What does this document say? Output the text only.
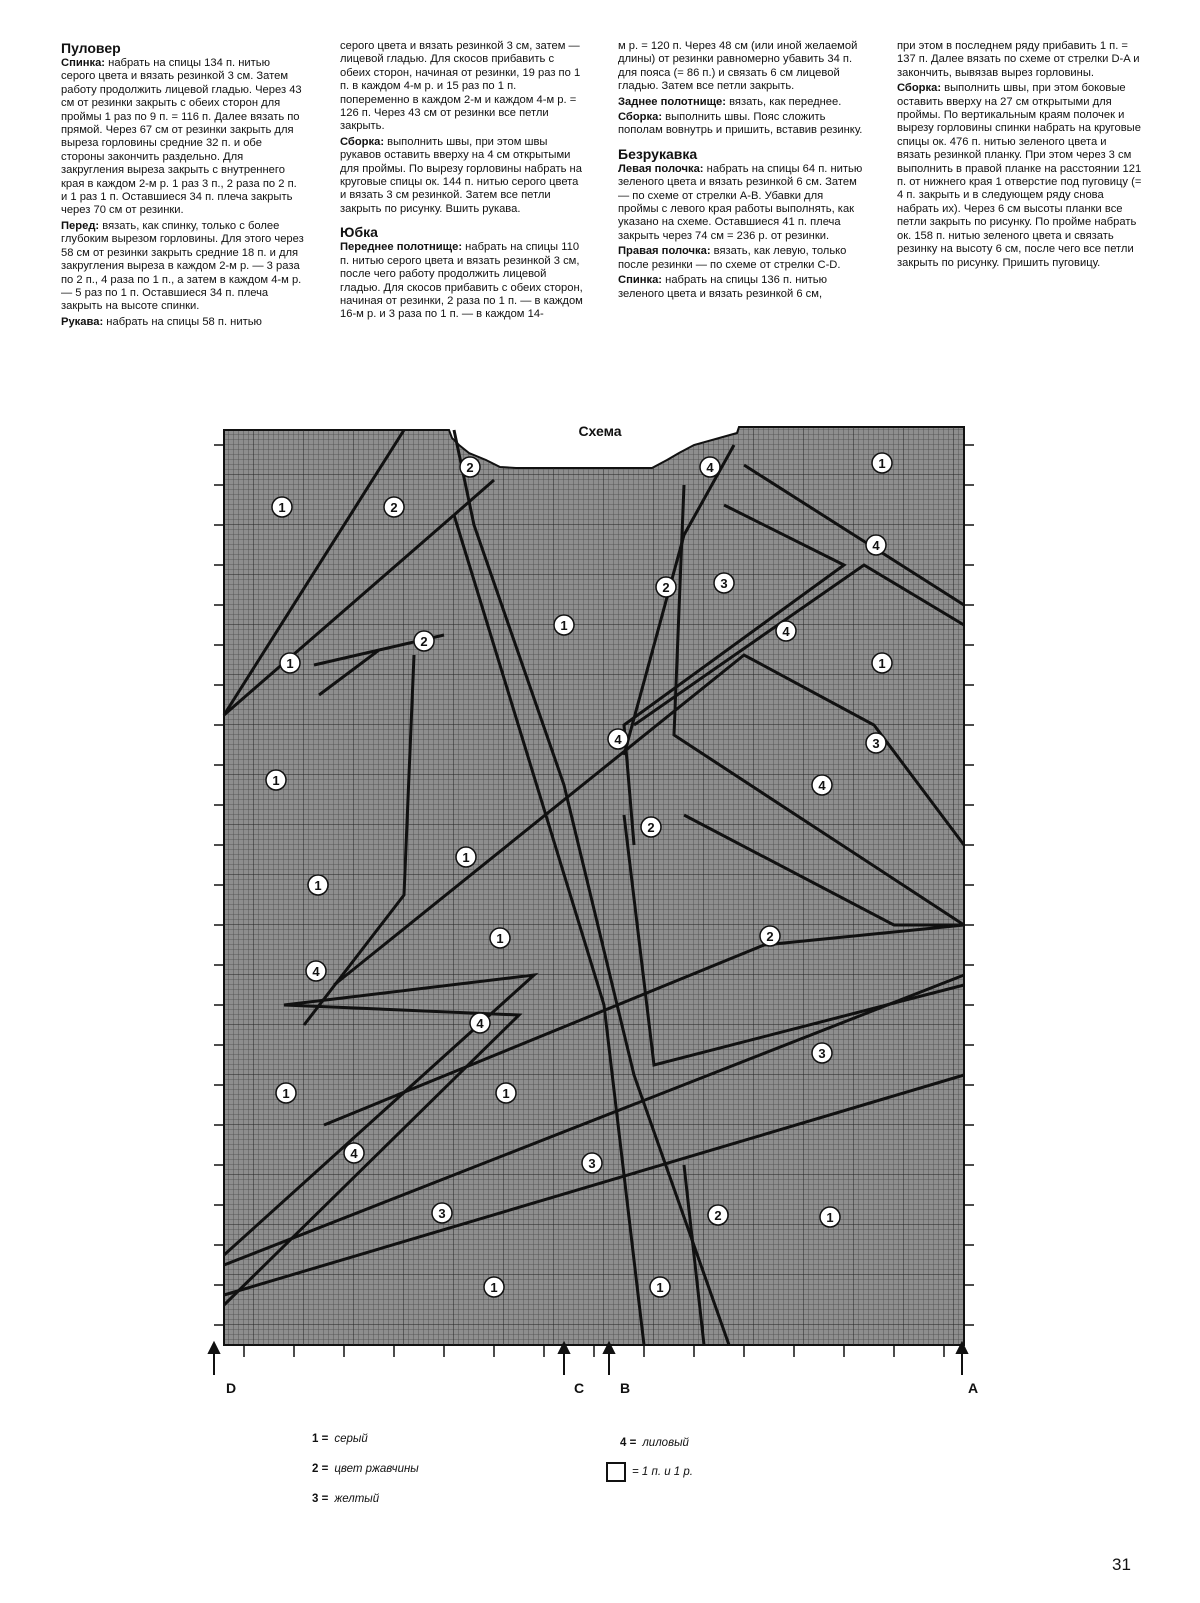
Пуловер

Спинка: набрать на спицы 134 п. нитью серого цвета и вязать резинкой 3 см. Затем работу продолжить лицевой гладью. Через 43 см от резинки закрыть с обеих сторон для проймы 1 раз по 9 п. = 116 п. Далее вязать по прямой. Через 67 см от резинки закрыть для выреза горловины средние 32 п. и обе стороны закончить раздельно. Для закругления выреза закрыть с внутреннего края в каждом 2-м р. 1 раз 3 п., 2 раза по 2 п. и 1 раз 1 п. Оставшиеся 34 п. плеча закрыть через 70 см от резинки.

Перед: вязать, как спинку, только с более глубоким вырезом горловины. Для этого через 58 см от резинки закрыть средние 18 п. и для закругления выреза в каждом 2-м р. — 3 раза по 2 п., 4 раза по 1 п., а затем в каждом 4-м р. — 5 раз по 1 п. Оставшиеся 34 п. плеча закрыть на высоте спинки.

Рукава: набрать на спицы 58 п. нитью

серого цвета и вязать резинкой 3 см, затем — лицевой гладью. Для скосов прибавить с обеих сторон, начиная от резинки, 19 раз по 1 п. в каждом 4-м р. и 15 раз по 1 п. попеременно в каждом 2-м и каждом 4-м р. = 126 п. Через 43 см от резинки все петли закрыть.

Сборка: выполнить швы, при этом швы рукавов оставить вверху на 4 см открытыми для проймы. По вырезу горловины набрать на круговые спицы ок. 144 п. нитью серого цвета и вязать 3 см резинкой. Затем все петли закрыть по рисунку. Вшить рукава.

Юбка

Переднее полотнище: набрать на спицы 110 п. нитью серого цвета и вязать резинкой 3 см, после чего работу продолжить лицевой гладью. Для скосов прибавить с обеих сторон, начиная от резинки, 2 раза по 1 п. — в каждом 16-м р. и 3 раза по 1 п. — в каждом 14-

м р. = 120 п. Через 48 см (или иной желаемой длины) от резинки равномерно убавить 34 п. для пояса (= 86 п.) и связать 6 см лицевой гладью. Затем все петли закрыть.

Заднее полотнище: вязать, как переднее.

Сборка: выполнить швы. Пояс сложить пополам вовнутрь и пришить, вставив резинку.

Безрукавка

Левая полочка: набрать на спицы 64 п. нитью зеленого цвета и вязать резинкой 6 см. Затем — по схеме от стрелки A-B. Убавки для проймы с левого края работы выполнять, как указано на схеме. Оставшиеся 41 п. плеча закрыть через 74 см = 236 р. от резинки.

Правая полочка: вязать, как левую, только после резинки — по схеме от стрелки C-D.

Спинка: набрать на спицы 136 п. нитью зеленого цвета и вязать резинкой 6 см,

при этом в последнем ряду прибавить 1 п. = 137 п. Далее вязать по схеме от стрелки D-A и закончить, вывязав вырез горловины.

Сборка: выполнить швы, при этом боковые оставить вверху на 27 см открытыми для проймы. По вертикальным краям полочек и вырезу горловины спинки набрать на круговые спицы ок. 476 п. нитью зеленого цвета и вязать резинкой планку. При этом через 3 см выполнить в правой планке на расстоянии 121 п. от нижнего края 1 отверстие под пуговицу (= 4 п. закрыть и в следующем ряду снова набрать их). Через 6 см высоты планки все петли закрыть по рисунку. По пройме набрать ок. 158 п. нитью зеленого цвета и связать резинку на высоту 6 см, после чего все петли закрыть по рисунку. Пришить пуговицу.

Схема
1
2
2
4	1
4
2	3
1	4
2
1	1
4	3
1
2
4
1
1
1	2
4
4
3
1
4
3
1
2
3	1
1	1
D	C	B	A
1 = серый
2 = цвет ржавчины
3 = желтый
4 = лиловый
= 1 п. и 1 р.
31
